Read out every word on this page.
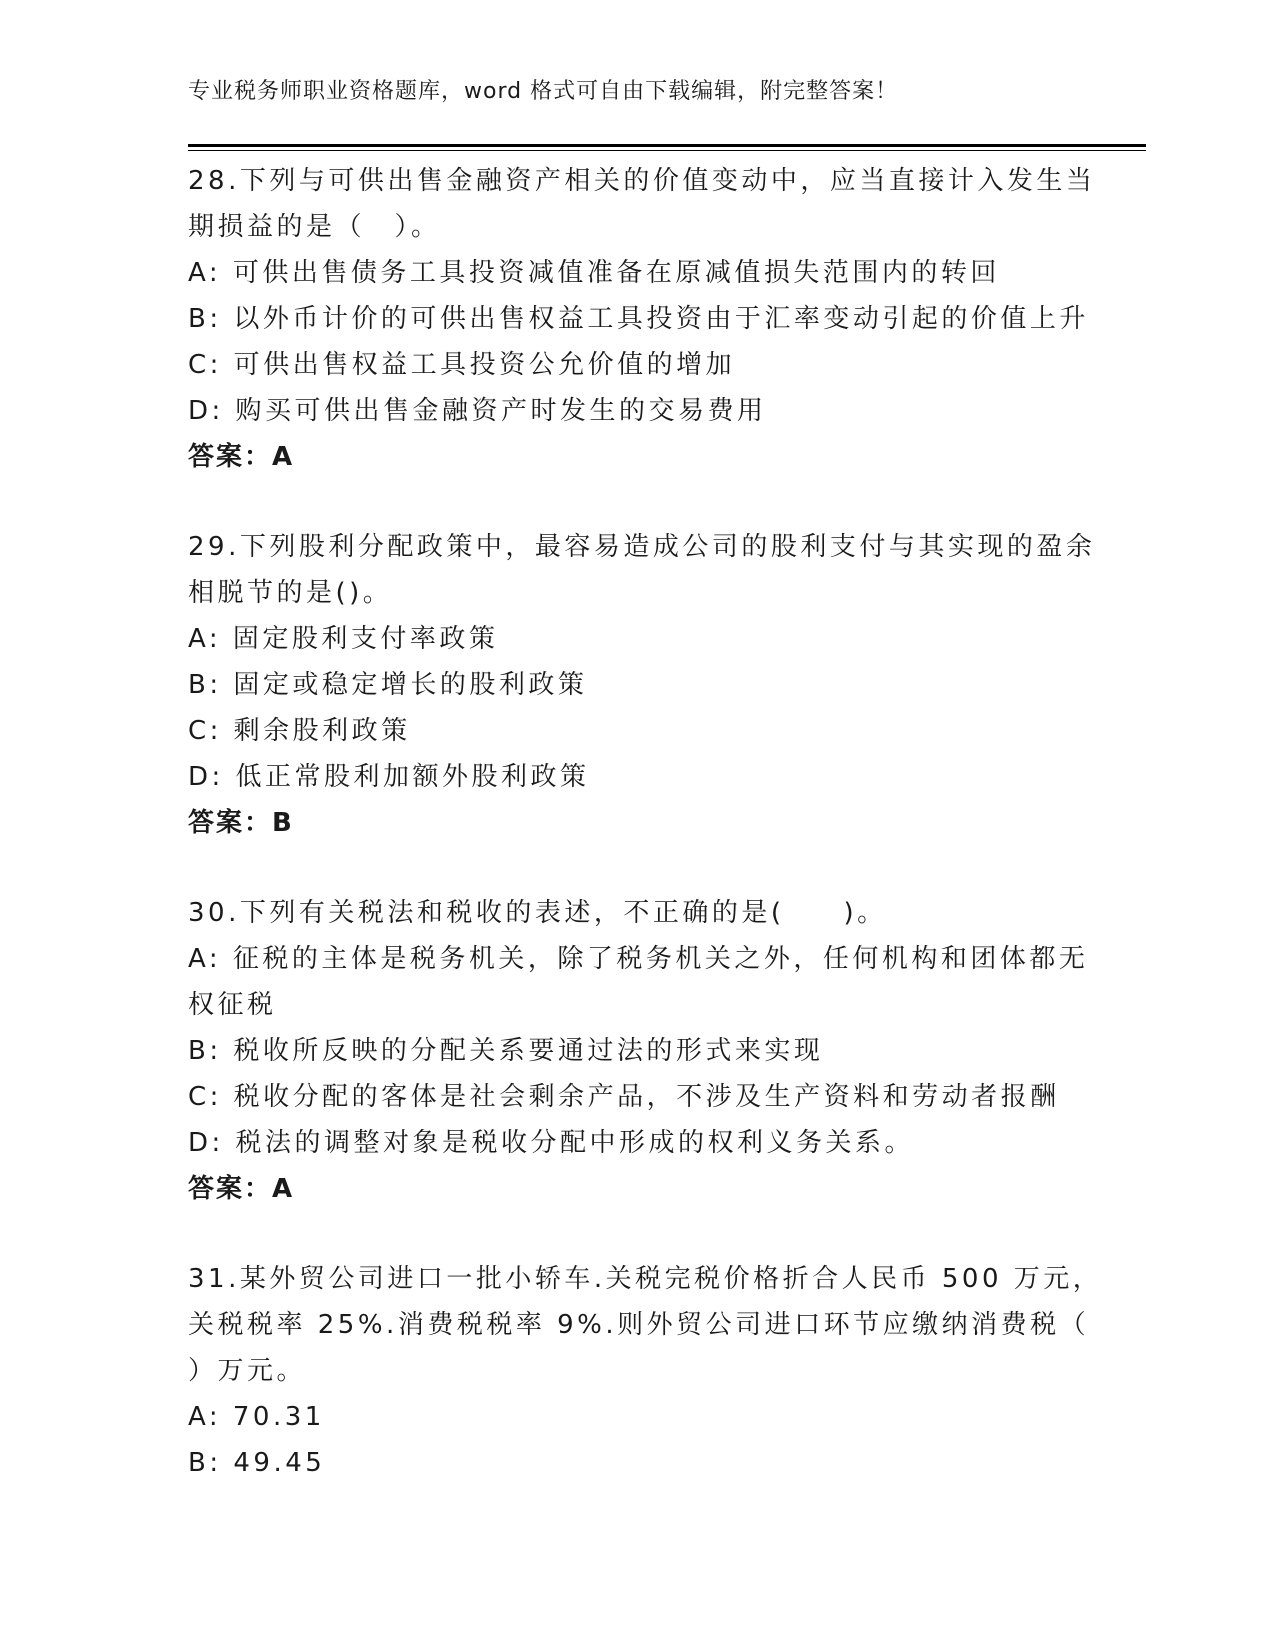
专业税务师职业资格题库，word 格式可自由下载编辑，附完整答案！
28.下列与可供出售金融资产相关的价值变动中，应当直接计入发生当
期损益的是（　）。
A: 可供出售债务工具投资减值准备在原减值损失范围内的转回
B: 以外币计价的可供出售权益工具投资由于汇率变动引起的价值上升
C: 可供出售权益工具投资公允价值的增加
D: 购买可供出售金融资产时发生的交易费用
答案：A
29.下列股利分配政策中，最容易造成公司的股利支付与其实现的盈余
相脱节的是()。
A: 固定股利支付率政策
B: 固定或稳定增长的股利政策
C: 剩余股利政策
D: 低正常股利加额外股利政策
答案：B
30.下列有关税法和税收的表述，不正确的是(　　)。
A: 征税的主体是税务机关，除了税务机关之外，任何机构和团体都无
权征税
B: 税收所反映的分配关系要通过法的形式来实现
C: 税收分配的客体是社会剩余产品，不涉及生产资料和劳动者报酬
D: 税法的调整对象是税收分配中形成的权利义务关系。
答案：A
31.某外贸公司进口一批小轿车.关税完税价格折合人民币 500 万元，
关税税率 25%.消费税税率 9%.则外贸公司进口环节应缴纳消费税（
）万元。
A: 70.31
B: 49.45
